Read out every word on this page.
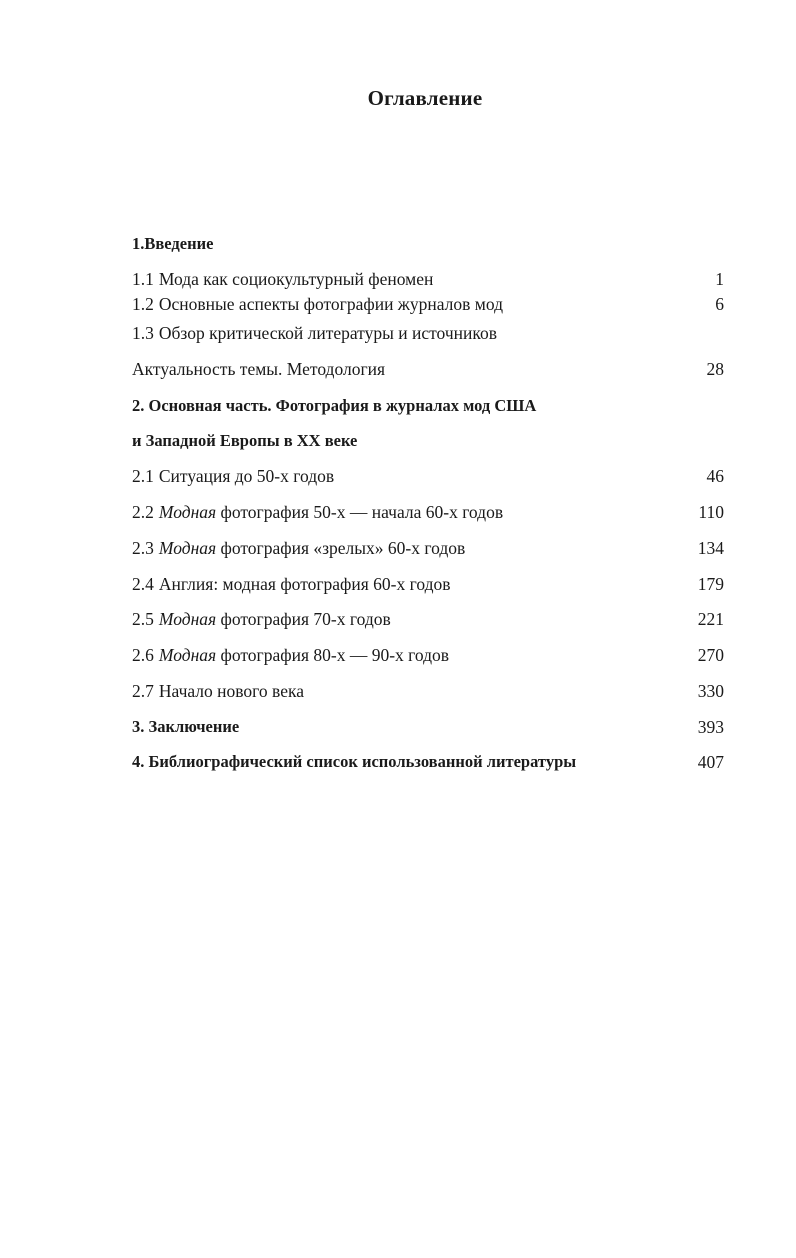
Оглавление
1.Введение
1.1 Мода как социокультурный феномен	1
1.2 Основные аспекты фотографии журналов мод	6
1.3 Обзор критической литературы и источников
Актуальность темы. Методология	28
2. Основная часть. Фотография в журналах мод США
и Западной Европы в XX веке
2.1 Ситуация до 50-х годов	46
2.2 Модная фотография 50-х — начала 60-х годов	110
2.3 Модная фотография «зрелых» 60-х годов	134
2.4 Англия: модная фотография 60-х годов	179
2.5 Модная фотография 70-х годов	221
2.6 Модная фотография 80-х — 90-х годов	270
2.7 Начало нового века	330
3. Заключение	393
4. Библиографический список использованной литературы	407
